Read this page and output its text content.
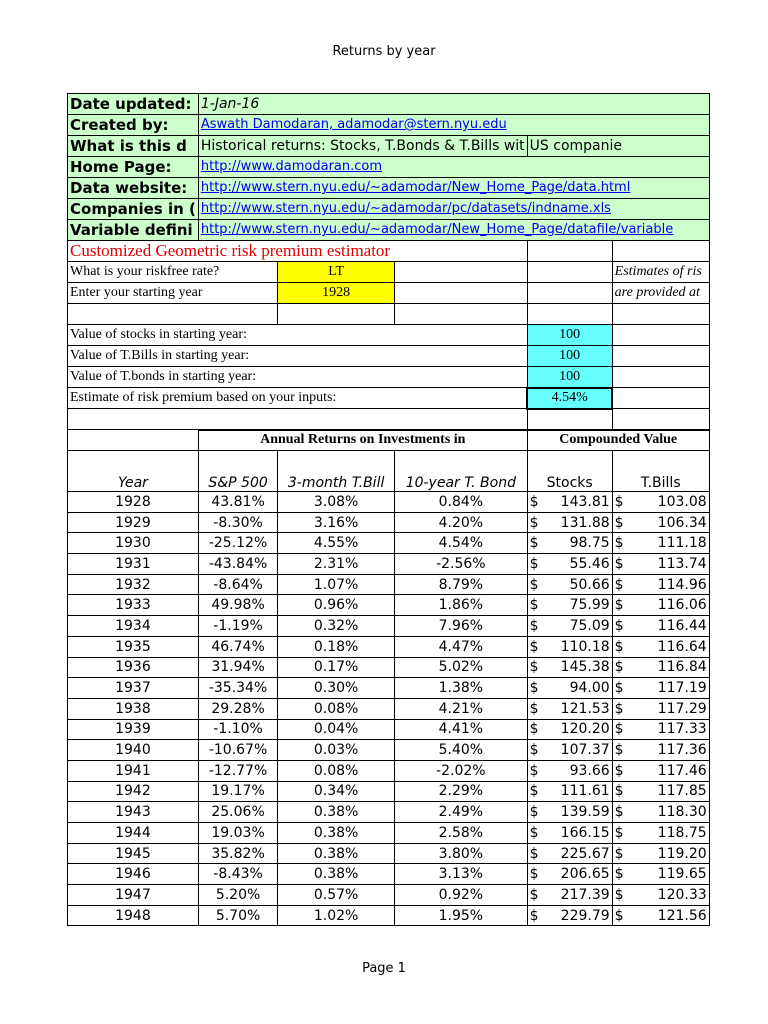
Returns by year
Date updated:	1-Jan-16				
Created by:	Aswath Damodaran, adamodar@stern.nyu.edu				
What is this d	Historical returns: Stocks, T.Bonds & T.Bills wit			US companie	
Home Page:	http://www.damodaran.com				
Data website:	http://www.stern.nyu.edu/~adamodar/New_Home_Page/data.html				
Companies in (	http://www.stern.nyu.edu/~adamodar/pc/datasets/indname.xls				
Variable defini	http://www.stern.nyu.edu/~adamodar/New_Home_Page/datafile/variable				
Customized Geometric risk premium estimator					
What is your riskfree rate?		LT			Estimates of ris
Enter your starting year		1928			are provided at

Value of stocks in starting year:				100	
Value of T.Bills in starting year:				100	
Value of T.bonds in starting year:				100	
Estimate of risk premium based on your inputs:				4.54%	

	Annual Returns on Investments in			Compounded Value	
Year	S&P 500	3-month T.Bill	10-year T. Bond	Stocks	T.Bills
1928	43.81%	3.08%	0.84%	$ 143.81	$ 103.08

1929	-8.30%	3.16%	4.20%	$ 131.88	$ 106.34

1930	-25.12%	4.55%	4.54%	$ 98.75	$ 111.18

1931	-43.84%	2.31%	-2.56%	$ 55.46	$ 113.74

1932	-8.64%	1.07%	8.79%	$ 50.66	$ 114.96

1933	49.98%	0.96%	1.86%	$ 75.99	$ 116.06

1934	-1.19%	0.32%	7.96%	$ 75.09	$ 116.44

1935	46.74%	0.18%	4.47%	$ 110.18	$ 116.64

1936	31.94%	0.17%	5.02%	$ 145.38	$ 116.84

1937	-35.34%	0.30%	1.38%	$ 94.00	$ 117.19

1938	29.28%	0.08%	4.21%	$ 121.53	$ 117.29

1939	-1.10%	0.04%	4.41%	$ 120.20	$ 117.33

1940	-10.67%	0.03%	5.40%	$ 107.37	$ 117.36

1941	-12.77%	0.08%	-2.02%	$ 93.66	$ 117.46

1942	19.17%	0.34%	2.29%	$ 111.61	$ 117.85

1943	25.06%	0.38%	2.49%	$ 139.59	$ 118.30

1944	19.03%	0.38%	2.58%	$ 166.15	$ 118.75

1945	35.82%	0.38%	3.80%	$ 225.67	$ 119.20

1946	-8.43%	0.38%	3.13%	$ 206.65	$ 119.65

1947	5.20%	0.57%	0.92%	$ 217.39	$ 120.33

1948	5.70%	1.02%	1.95%	$ 229.79	$ 121.56
Page 1
